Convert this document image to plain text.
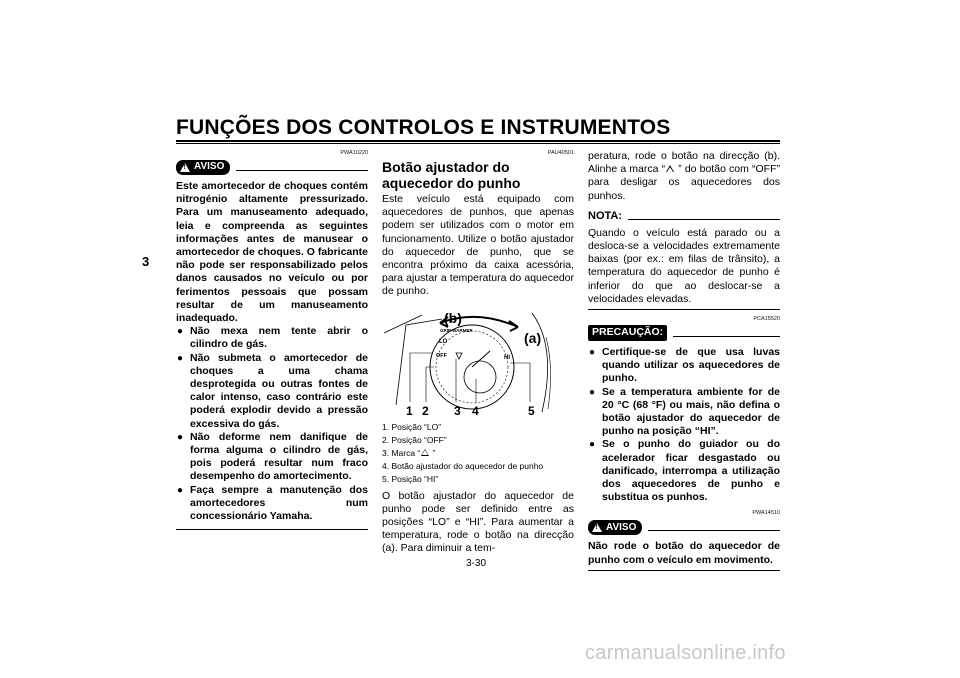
FUNÇÕES DOS CONTROLOS E INSTRUMENTOS
3
PWA10220
!
AVISO

Este amortecedor de choques contém nitrogénio altamente pressurizado. Para um manuseamento adequado, leia e compreenda as seguintes informações antes de manusear o amortecedor de choques. O fabricante não pode ser responsabilizado pelos danos causados no veículo ou por ferimentos pessoais que possam resultar de um manuseamento inadequado.

● Não mexa nem tente abrir o cilindro de gás.
● Não submeta o amortecedor de choques a uma chama desprotegida ou outras fontes de calor intenso, caso contrário este poderá explodir devido a pressão excessiva do gás.
● Não deforme nem danifique de forma alguma o cilindro de gás, pois poderá resultar num fraco desempenho do amortecimento.
● Faça sempre a manutenção dos amortecedores num concessionário Yamaha.
PAU40501
Botão ajustador do aquecedor do punho

Este veículo está equipado com aquecedores de punhos, que apenas podem ser utilizados com o motor em funcionamento. Utilize o botão ajustador do aquecedor de punho, que se encontra próximo da caixa acessória, para ajustar a temperatura do aquecedor de punho.

(b)
(a)
GRIP WARMER
LO
OFF	HI
1 2 3 4	5
1. Posição “LO”
2. Posição “OFF”
3. Marca “ ”
4. Botão ajustador do aquecedor de punho
5. Posição “HI”

O botão ajustador do aquecedor de punho pode ser definido entre as posições “LO” e “HI”. Para aumentar a temperatura, rode o botão na direcção (a). Para diminuir a tem-

peratura, rode o botão na direcção (b). Alinhe a marca “ ” do botão com “OFF” para desligar os aquecedores dos punhos.

NOTA:

Quando o veículo está parado ou a desloca-se a velocidades extremamente baixas (por ex.: em filas de trânsito), a temperatura do aquecedor de punho é inferior do que ao deslocar-se a velocidades elevadas.

PCA15520
PRECAUÇÃO:
● Certifique-se de que usa luvas quando utilizar os aquecedores de punho.
● Se a temperatura ambiente for de 20 °C (68 °F) ou mais, não defina o botão ajustador do aquecedor de punho na posição “HI”.
● Se o punho do guiador ou do acelerador ficar desgastado ou danificado, interrompa a utilização dos aquecedores de punho e substitua os punhos.
PWA14510
!
AVISO

Não rode o botão do aquecedor de punho com o veículo em movimento.

3-30
carmanualsonline.info
